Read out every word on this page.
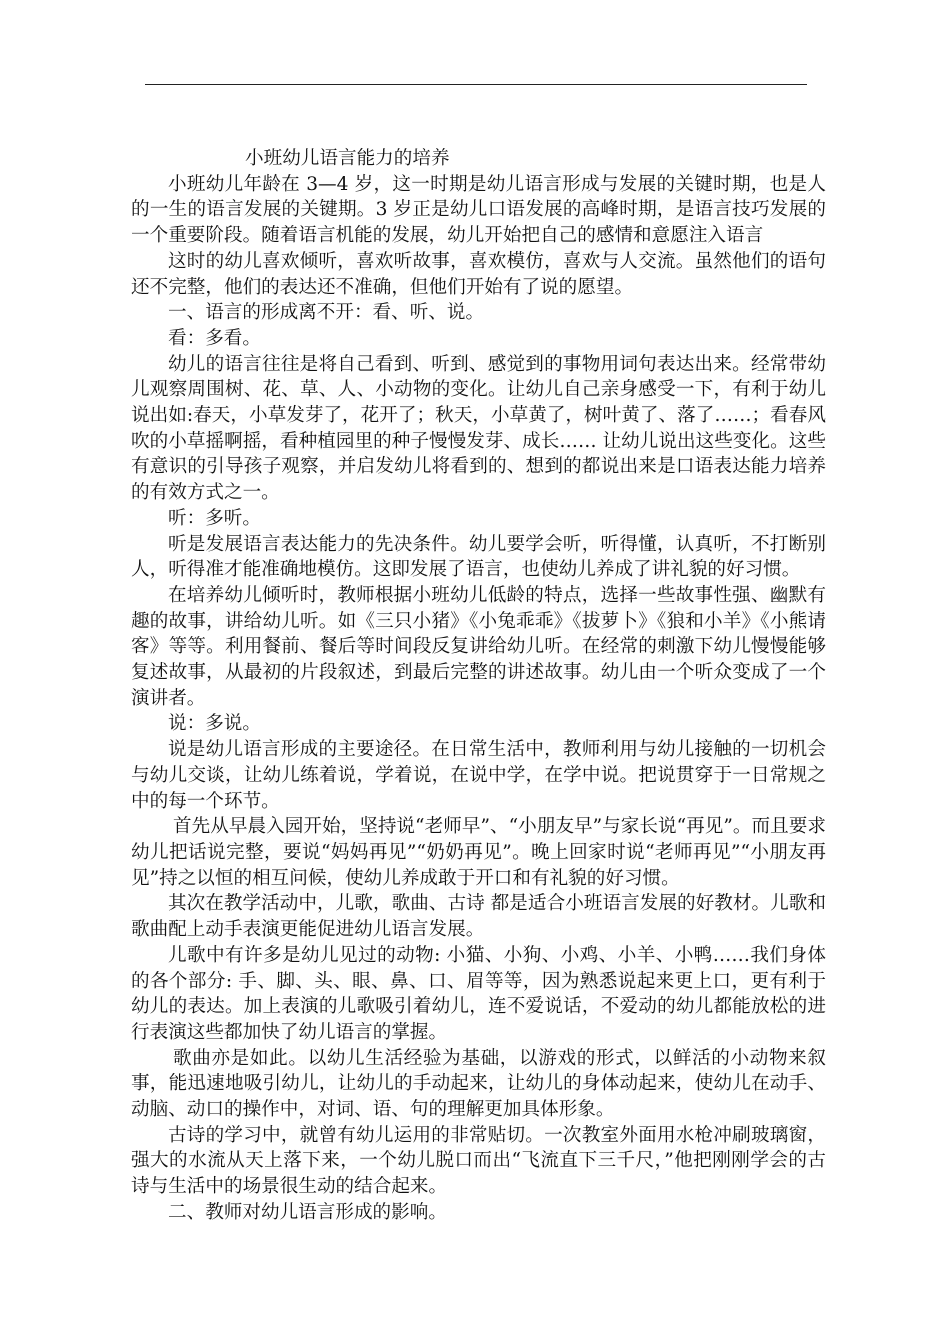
小班幼儿语言能力的培养

小班幼儿年龄在 3—4 岁，这一时期是幼儿语言形成与发展的关键时期，也是人的一生的语言发展的关键期。3 岁正是幼儿口语发展的高峰时期，是语言技巧发展的一个重要阶段。随着语言机能的发展，幼儿开始把自己的感情和意愿注入语言

这时的幼儿喜欢倾听，喜欢听故事，喜欢模仿，喜欢与人交流。虽然他们的语句还不完整，他们的表达还不准确，但他们开始有了说的愿望。

一、语言的形成离不开：看、听、说。

看：多看。

幼儿的语言往往是将自己看到、听到、感觉到的事物用词句表达出来。经常带幼儿观察周围树、花、草、人、小动物的变化。让幼儿自己亲身感受一下，有利于幼儿说出如:春天，小草发芽了，花开了；秋天，小草黄了，树叶黄了、落了……；看春风吹的小草摇啊摇，看种植园里的种子慢慢发芽、成长…… 让幼儿说出这些变化。这些有意识的引导孩子观察，并启发幼儿将看到的、想到的都说出来是口语表达能力培养的有效方式之一。

听：多听。

听是发展语言表达能力的先决条件。幼儿要学会听，听得懂，认真听，不打断别人，听得准才能准确地模仿。这即发展了语言，也使幼儿养成了讲礼貌的好习惯。

在培养幼儿倾听时，教师根据小班幼儿低龄的特点，选择一些故事性强、幽默有趣的故事，讲给幼儿听。如《三只小猪》《小兔乖乖》《拔萝卜》《狼和小羊》《小熊请客》等等。利用餐前、餐后等时间段反复讲给幼儿听。在经常的刺激下幼儿慢慢能够复述故事，从最初的片段叙述，到最后完整的讲述故事。幼儿由一个听众变成了一个演讲者。

说：多说。

说是幼儿语言形成的主要途径。在日常生活中，教师利用与幼儿接触的一切机会与幼儿交谈，让幼儿练着说，学着说，在说中学，在学中说。把说贯穿于一日常规之中的每一个环节。

首先从早晨入园开始，坚持说“老师早”、“小朋友早”与家长说“再见”。而且要求幼儿把话说完整，要说“妈妈再见”“奶奶再见”。晚上回家时说“老师再见”“小朋友再见”持之以恒的相互问候，使幼儿养成敢于开口和有礼貌的好习惯。

其次在教学活动中，儿歌，歌曲、古诗 都是适合小班语言发展的好教材。儿歌和歌曲配上动手表演更能促进幼儿语言发展。

儿歌中有许多是幼儿见过的动物: 小猫、小狗、小鸡、小羊、小鸭……我们身体的各个部分: 手、脚、头、眼、鼻、口、眉等等，因为熟悉说起来更上口，更有利于幼儿的表达。加上表演的儿歌吸引着幼儿，连不爱说话，不爱动的幼儿都能放松的进行表演这些都加快了幼儿语言的掌握。

歌曲亦是如此。以幼儿生活经验为基础，以游戏的形式，以鲜活的小动物来叙事，能迅速地吸引幼儿，让幼儿的手动起来，让幼儿的身体动起来，使幼儿在动手、动脑、动口的操作中，对词、语、句的理解更加具体形象。

古诗的学习中，就曾有幼儿运用的非常贴切。一次教室外面用水枪冲刷玻璃窗，强大的水流从天上落下来，一个幼儿脱口而出“飞流直下三千尺，”他把刚刚学会的古诗与生活中的场景很生动的结合起来。

二、教师对幼儿语言形成的影响。
